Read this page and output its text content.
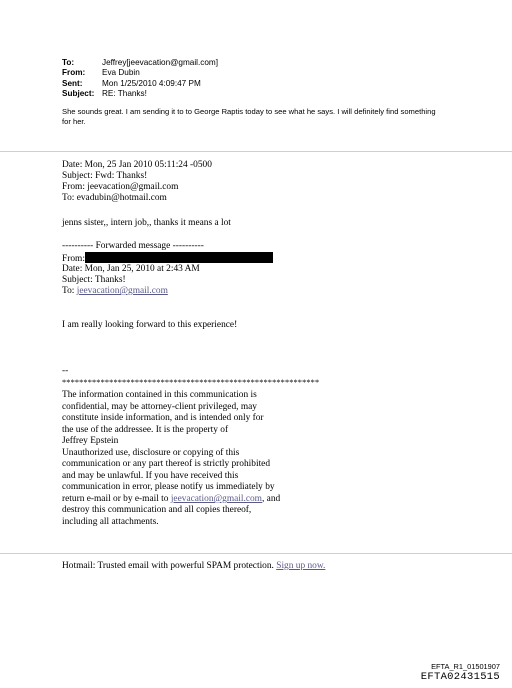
To:	Jeffrey[jeevacation@gmail.com]
From:	Eva Dubin
Sent:	Mon 1/25/2010 4:09:47 PM
Subject: RE: Thanks!
She sounds great. I am sending it to to George Raptis today to see what he says. I will definitely find something
for her.
Date: Mon, 25 Jan 2010 05:11:24 -0500
Subject: Fwd: Thanks!
From: jeevacation@gmail.com
To: evadubin@hotmail.com
jenns sister,, intern job,, thanks it means a lot
---------- Forwarded message ----------
From:
Date: Mon, Jan 25, 2010 at 2:43 AM
Subject: Thanks!
To: jeevacation@gmail.com
I am really looking forward to this experience!
--
************************************************************
The information contained in this communication is
confidential, may be attorney-client privileged, may
constitute inside information, and is intended only for
the use of the addressee. It is the property of
Jeffrey Epstein
Unauthorized use, disclosure or copying of this
communication or any part thereof is strictly prohibited
and may be unlawful. If you have received this
communication in error, please notify us immediately by
return e-mail or by e-mail to jeevacation@gmail.com, and
destroy this communication and all copies thereof,
including all attachments.
Hotmail: Trusted email with powerful SPAM protection. Sign up now.
EFTA_R1_01501907
EFTA02431515
